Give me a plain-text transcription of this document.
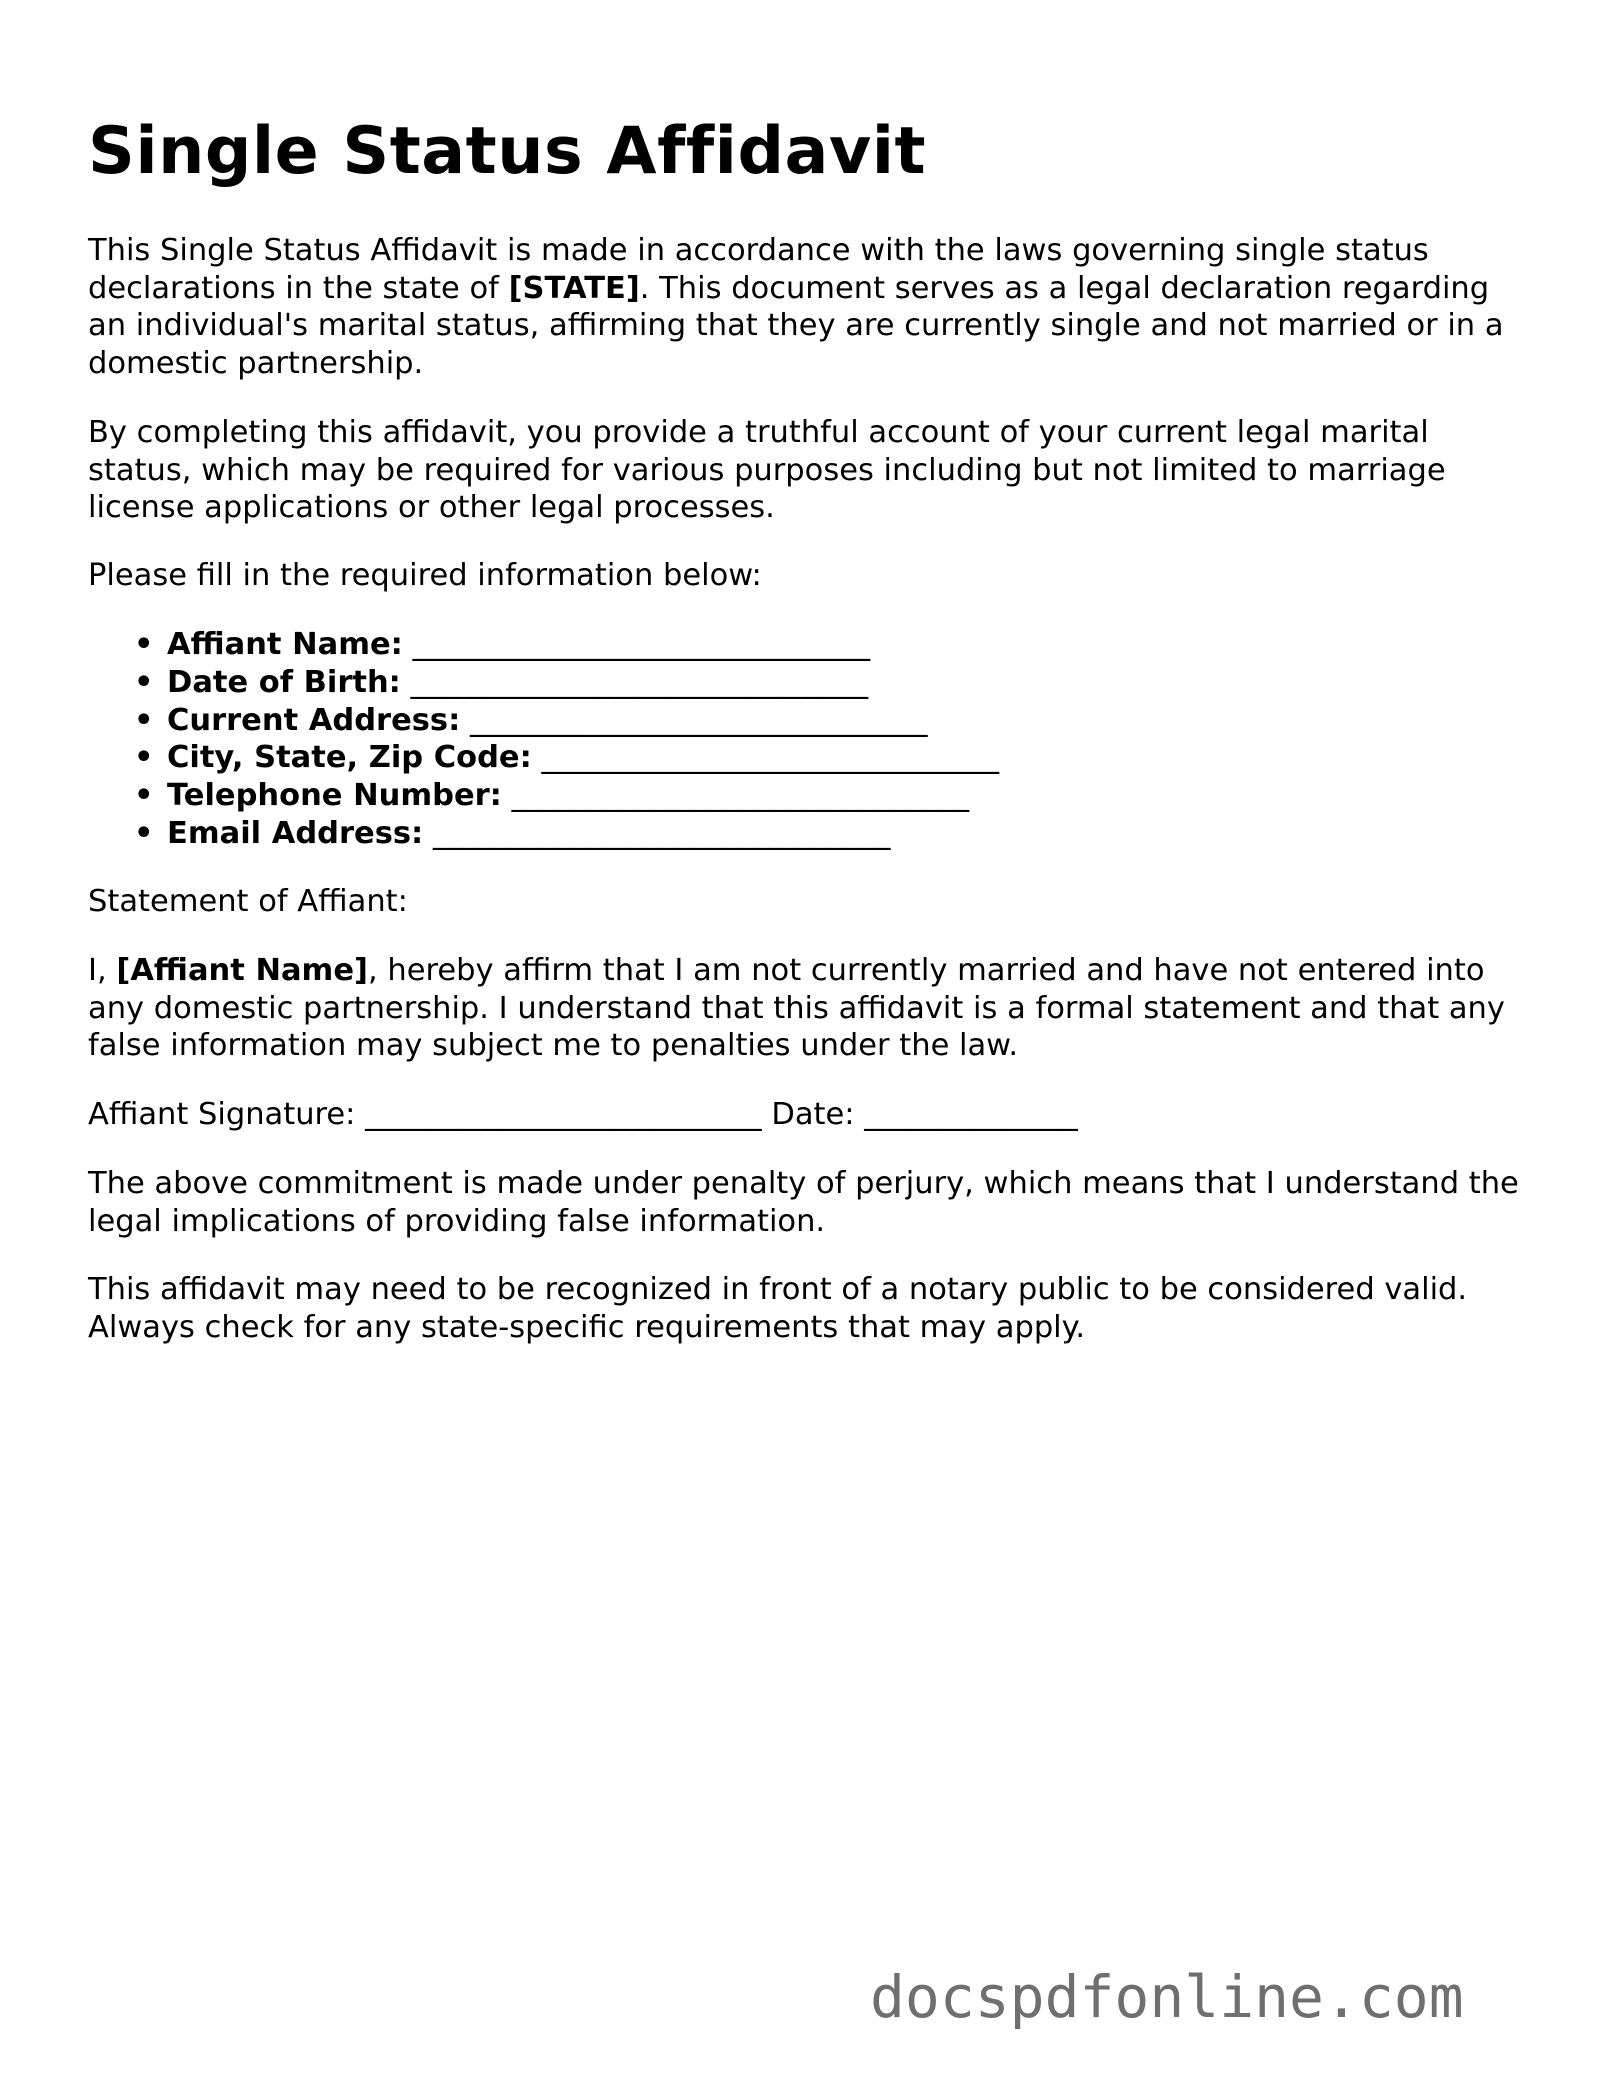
Single Status Affidavit

This Single Status Affidavit is made in accordance with the laws governing single status declarations in the state of [STATE]. This document serves as a legal declaration regarding an individual's marital status, affirming that they are currently single and not married or in a domestic partnership.

By completing this affidavit, you provide a truthful account of your current legal marital status, which may be required for various purposes including but not limited to marriage license applications or other legal processes.

Please fill in the required information below:

• Affiant Name: ______________________________
• Date of Birth: ______________________________
• Current Address: ______________________________
• City, State, Zip Code: ______________________________
• Telephone Number: ______________________________
• Email Address: ______________________________

Statement of Affiant:

I, [Affiant Name], hereby affirm that I am not currently married and have not entered into any domestic partnership. I understand that this affidavit is a formal statement and that any false information may subject me to penalties under the law.

Affiant Signature: __________________________ Date: ______________

The above commitment is made under penalty of perjury, which means that I understand the legal implications of providing false information.

This affidavit may need to be recognized in front of a notary public to be considered valid. Always check for any state-specific requirements that may apply.

docspdfonline.com
